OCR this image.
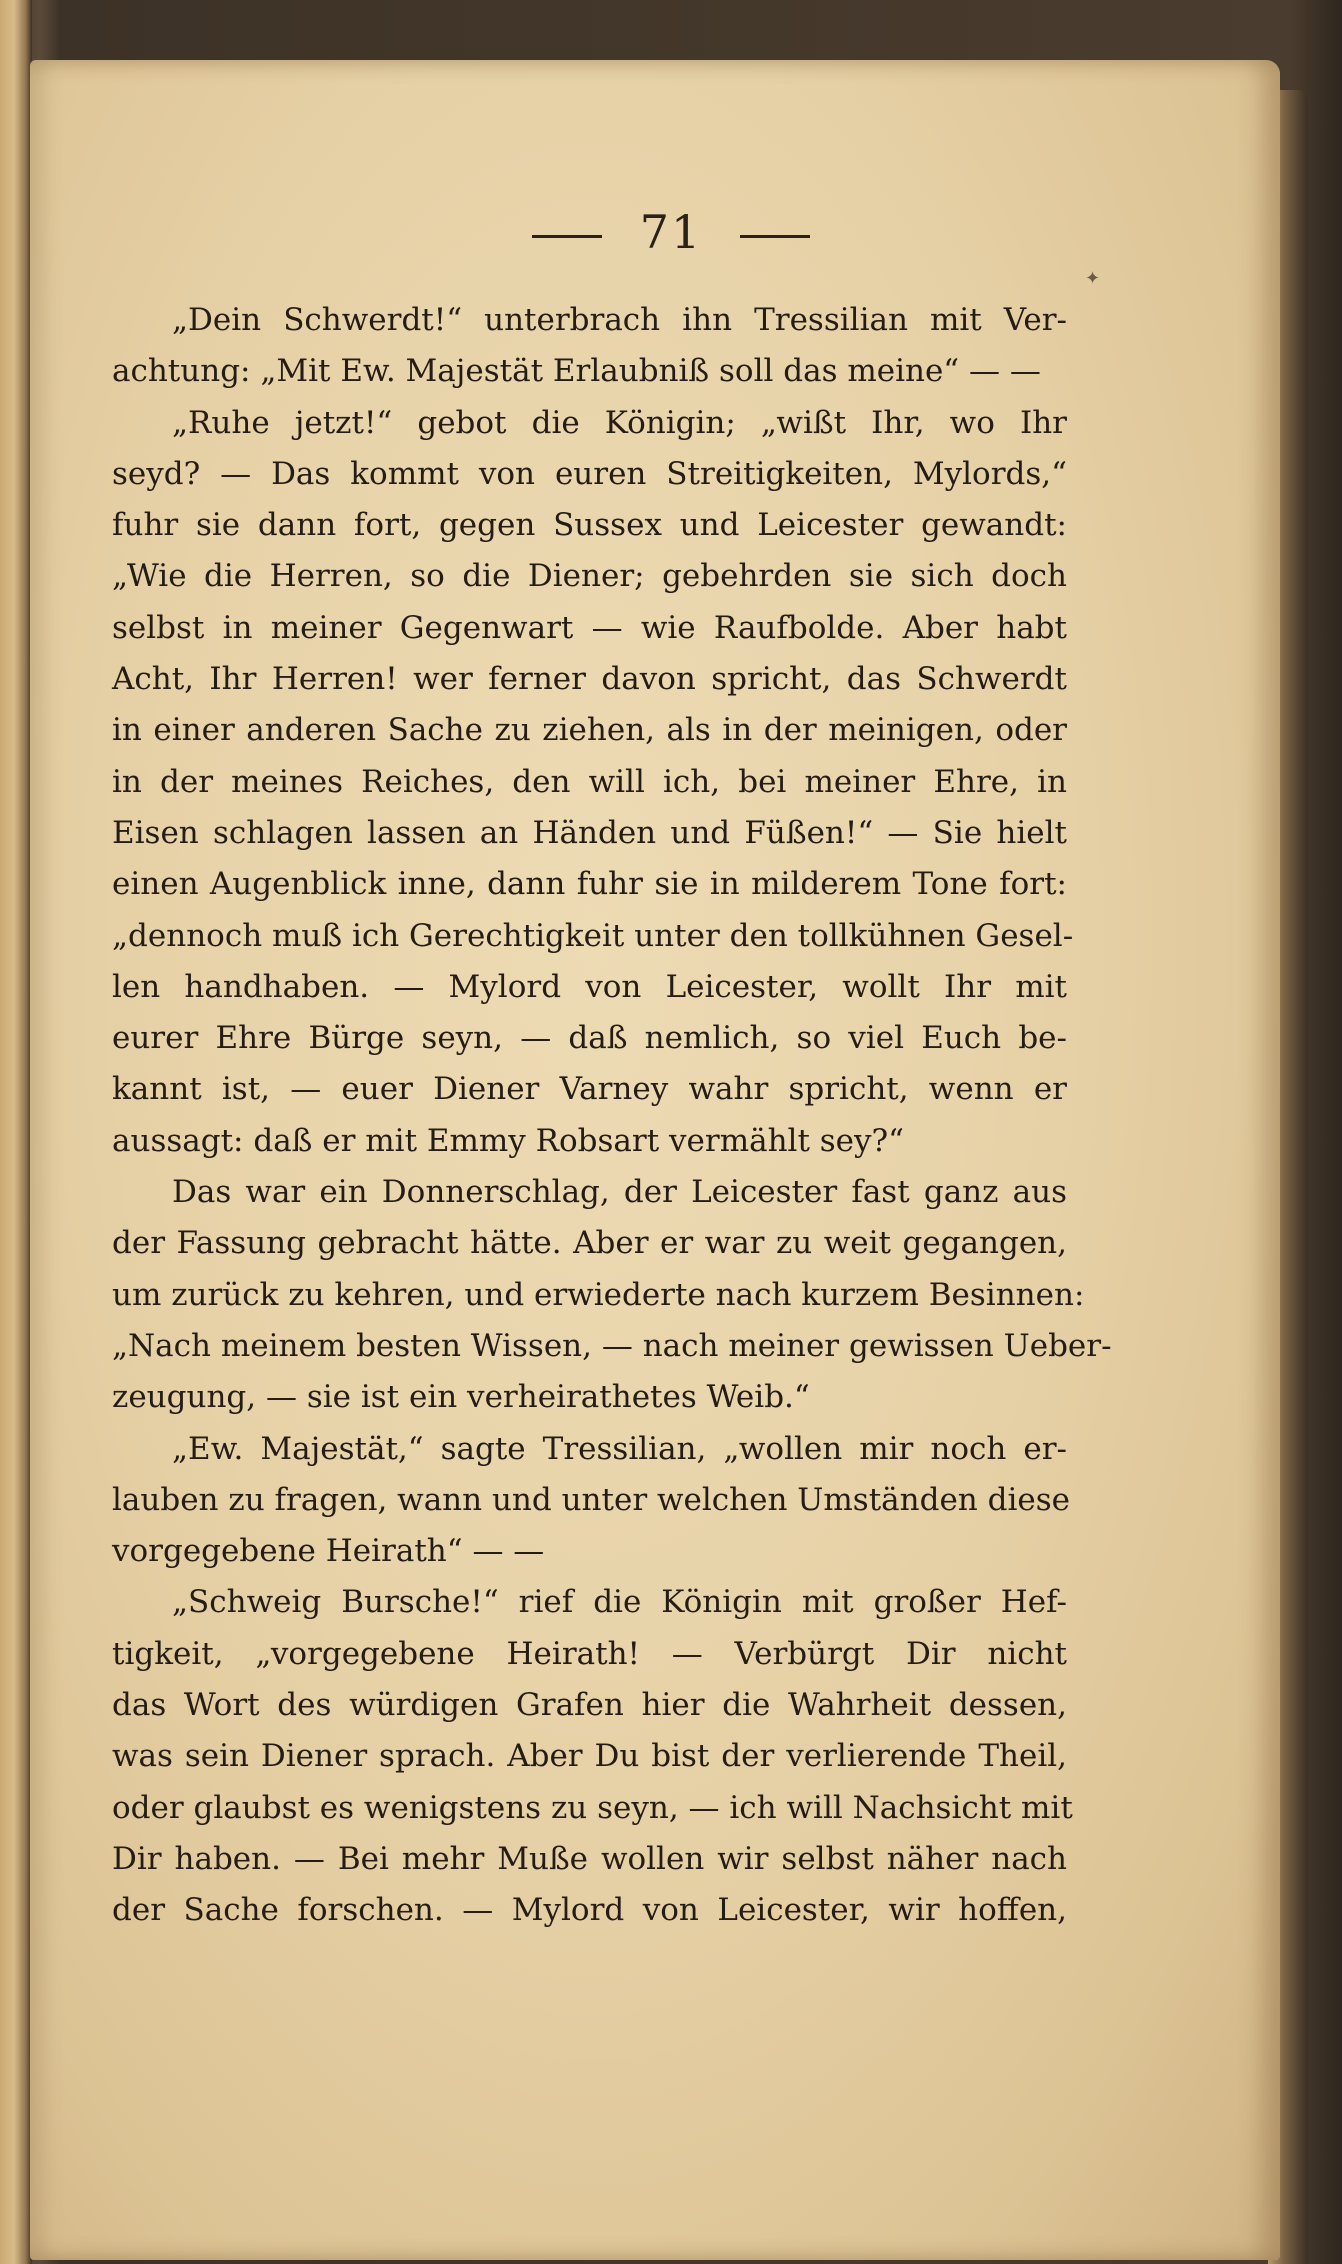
71
✦
„Dein Schwerdt!“ unterbrach ihn Tressilian mit Ver-
achtung: „Mit Ew. Majestät Erlaubniß soll das meine“ — —
„Ruhe jetzt!“ gebot die Königin; „wißt Ihr, wo Ihr
seyd? — Das kommt von euren Streitigkeiten, Mylords,“
fuhr sie dann fort, gegen Sussex und Leicester gewandt:
„Wie die Herren, so die Diener; gebehrden sie sich doch
selbst in meiner Gegenwart — wie Raufbolde. Aber habt
Acht, Ihr Herren! wer ferner davon spricht, das Schwerdt
in einer anderen Sache zu ziehen, als in der meinigen, oder
in der meines Reiches, den will ich, bei meiner Ehre, in
Eisen schlagen lassen an Händen und Füßen!“ — Sie hielt
einen Augenblick inne, dann fuhr sie in milderem Tone fort:
„dennoch muß ich Gerechtigkeit unter den tollkühnen Gesel-
len handhaben. — Mylord von Leicester, wollt Ihr mit
eurer Ehre Bürge seyn, — daß nemlich, so viel Euch be-
kannt ist, — euer Diener Varney wahr spricht, wenn er
aussagt: daß er mit Emmy Robsart vermählt sey?“
Das war ein Donnerschlag, der Leicester fast ganz aus
der Fassung gebracht hätte. Aber er war zu weit gegangen,
um zurück zu kehren, und erwiederte nach kurzem Besinnen:
„Nach meinem besten Wissen, — nach meiner gewissen Ueber-
zeugung, — sie ist ein verheirathetes Weib.“
„Ew. Majestät,“ sagte Tressilian, „wollen mir noch er-
lauben zu fragen, wann und unter welchen Umständen diese
vorgegebene Heirath“ — —
„Schweig Bursche!“ rief die Königin mit großer Hef-
tigkeit, „vorgegebene Heirath! — Verbürgt Dir nicht
das Wort des würdigen Grafen hier die Wahrheit dessen,
was sein Diener sprach. Aber Du bist der verlierende Theil,
oder glaubst es wenigstens zu seyn, — ich will Nachsicht mit
Dir haben. — Bei mehr Muße wollen wir selbst näher nach
der Sache forschen. — Mylord von Leicester, wir hoffen,
